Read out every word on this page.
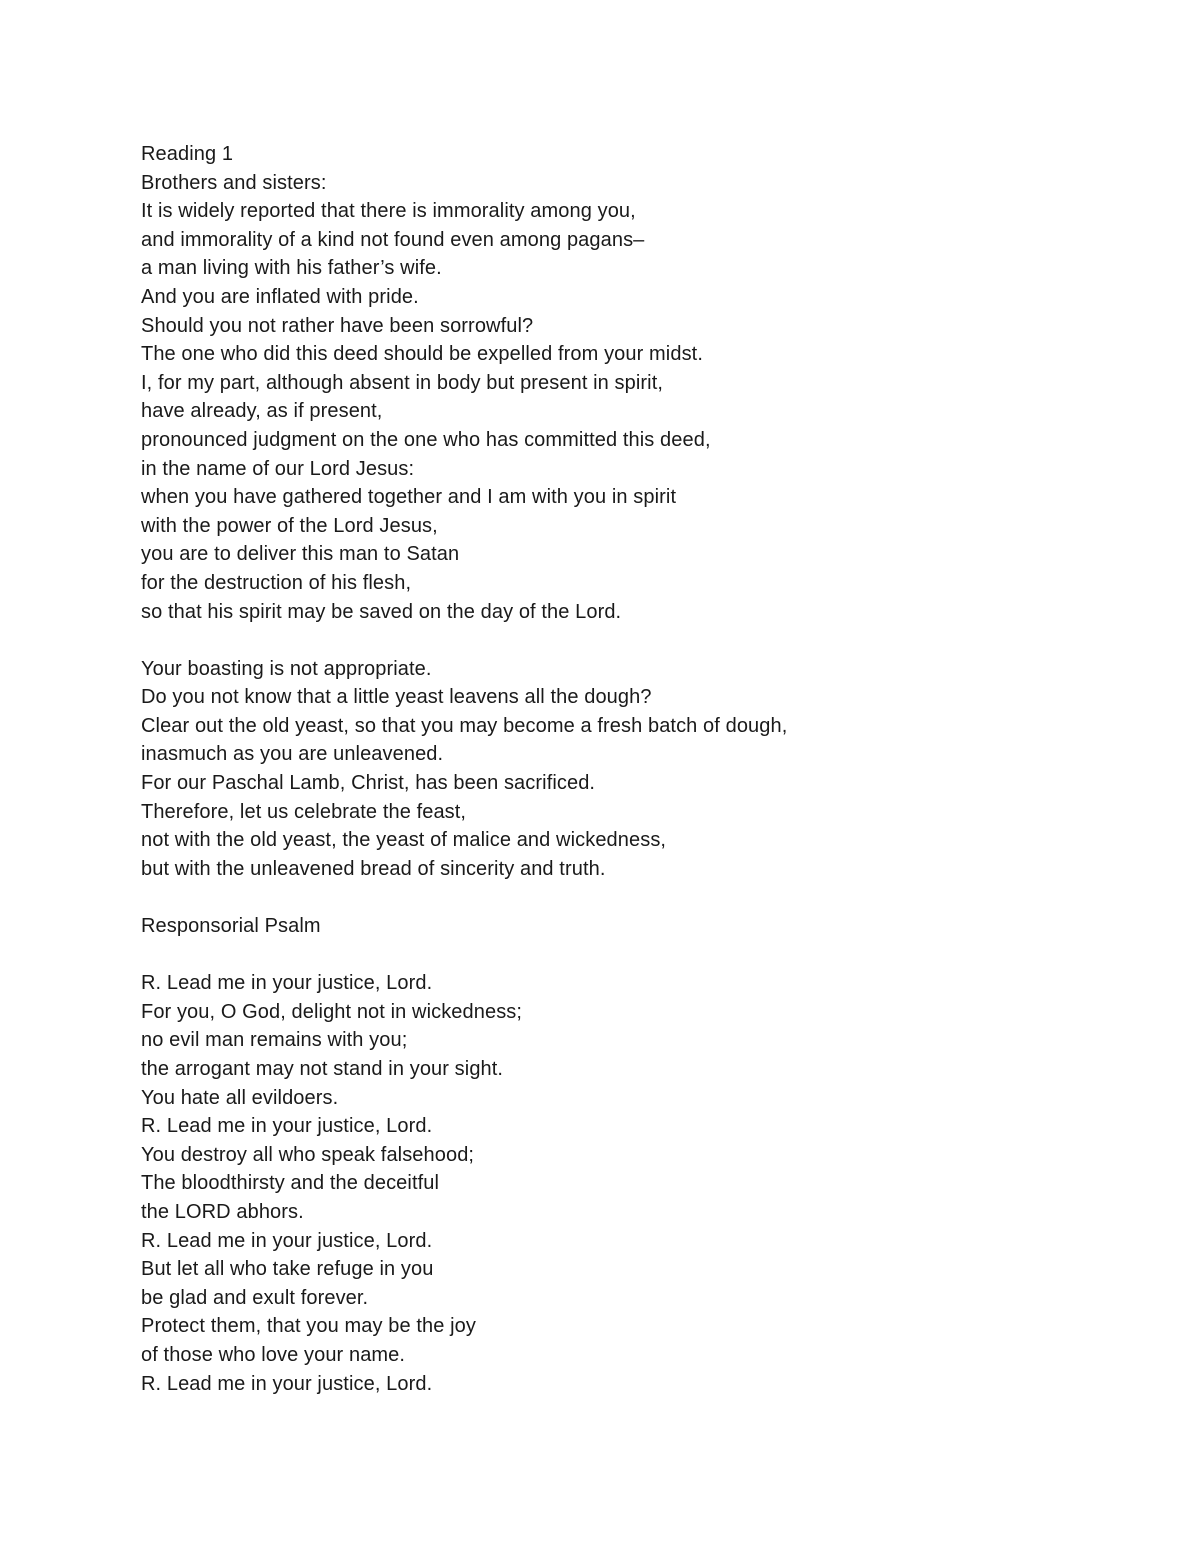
Reading 1
Brothers and sisters:
It is widely reported that there is immorality among you,
and immorality of a kind not found even among pagans–
a man living with his father’s wife.
And you are inflated with pride.
Should you not rather have been sorrowful?
The one who did this deed should be expelled from your midst.
I, for my part, although absent in body but present in spirit,
have already, as if present,
pronounced judgment on the one who has committed this deed,
in the name of our Lord Jesus:
when you have gathered together and I am with you in spirit
with the power of the Lord Jesus,
you are to deliver this man to Satan
for the destruction of his flesh,
so that his spirit may be saved on the day of the Lord.
Your boasting is not appropriate.
Do you not know that a little yeast leavens all the dough?
Clear out the old yeast, so that you may become a fresh batch of dough,
inasmuch as you are unleavened.
For our Paschal Lamb, Christ, has been sacrificed.
Therefore, let us celebrate the feast,
not with the old yeast, the yeast of malice and wickedness,
but with the unleavened bread of sincerity and truth.
Responsorial Psalm
R. Lead me in your justice, Lord.
For you, O God, delight not in wickedness;
no evil man remains with you;
the arrogant may not stand in your sight.
You hate all evildoers.
R. Lead me in your justice, Lord.
You destroy all who speak falsehood;
The bloodthirsty and the deceitful
the LORD abhors.
R. Lead me in your justice, Lord.
But let all who take refuge in you
be glad and exult forever.
Protect them, that you may be the joy
of those who love your name.
R. Lead me in your justice, Lord.
